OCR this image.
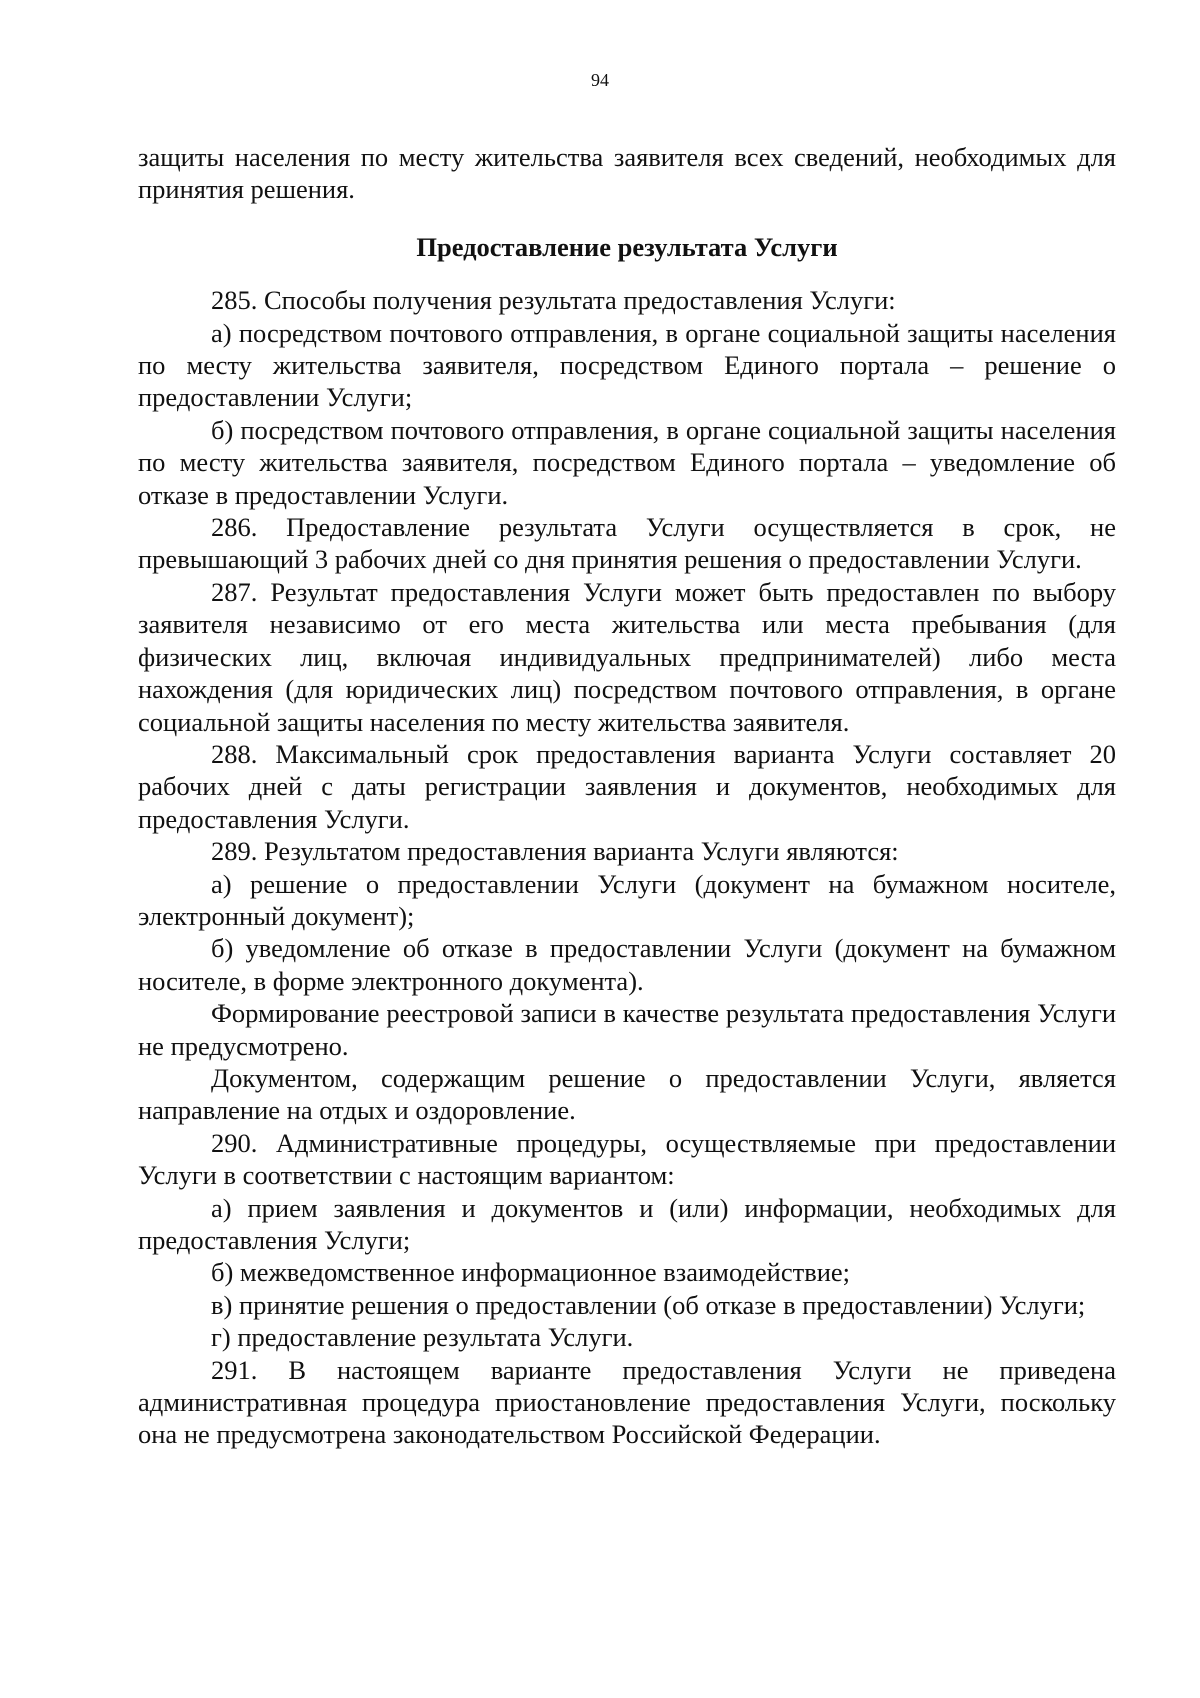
94

защиты населения по месту жительства заявителя всех сведений, необходимых для принятия решения.

Предоставление результата Услуги

285. Способы получения результата предоставления Услуги:

а) посредством почтового отправления, в органе социальной защиты населения по месту жительства заявителя, посредством Единого портала – решение о предоставлении Услуги;

б) посредством почтового отправления, в органе социальной защиты населения по месту жительства заявителя, посредством Единого портала – уведомление об отказе в предоставлении Услуги.

286. Предоставление результата Услуги осуществляется в срок, не превышающий 3 рабочих дней со дня принятия решения о предоставлении Услуги.

287. Результат предоставления Услуги может быть предоставлен по выбору заявителя независимо от его места жительства или места пребывания (для физических лиц, включая индивидуальных предпринимателей) либо места нахождения (для юридических лиц) посредством почтового отправления, в органе социальной защиты населения по месту жительства заявителя.

288. Максимальный срок предоставления варианта Услуги составляет 20 рабочих дней с даты регистрации заявления и документов, необходимых для предоставления Услуги.

289. Результатом предоставления варианта Услуги являются:

а) решение о предоставлении Услуги (документ на бумажном носителе, электронный документ);

б) уведомление об отказе в предоставлении Услуги (документ на бумажном носителе, в форме электронного документа).

Формирование реестровой записи в качестве результата предоставления Услуги не предусмотрено.

Документом, содержащим решение о предоставлении Услуги, является направление на отдых и оздоровление.

290. Административные процедуры, осуществляемые при предоставлении Услуги в соответствии с настоящим вариантом:

а) прием заявления и документов и (или) информации, необходимых для предоставления Услуги;

б) межведомственное информационное взаимодействие;

в) принятие решения о предоставлении (об отказе в предоставлении) Услуги;

г) предоставление результата Услуги.

291. В настоящем варианте предоставления Услуги не приведена административная процедура приостановление предоставления Услуги, поскольку она не предусмотрена законодательством Российской Федерации.
